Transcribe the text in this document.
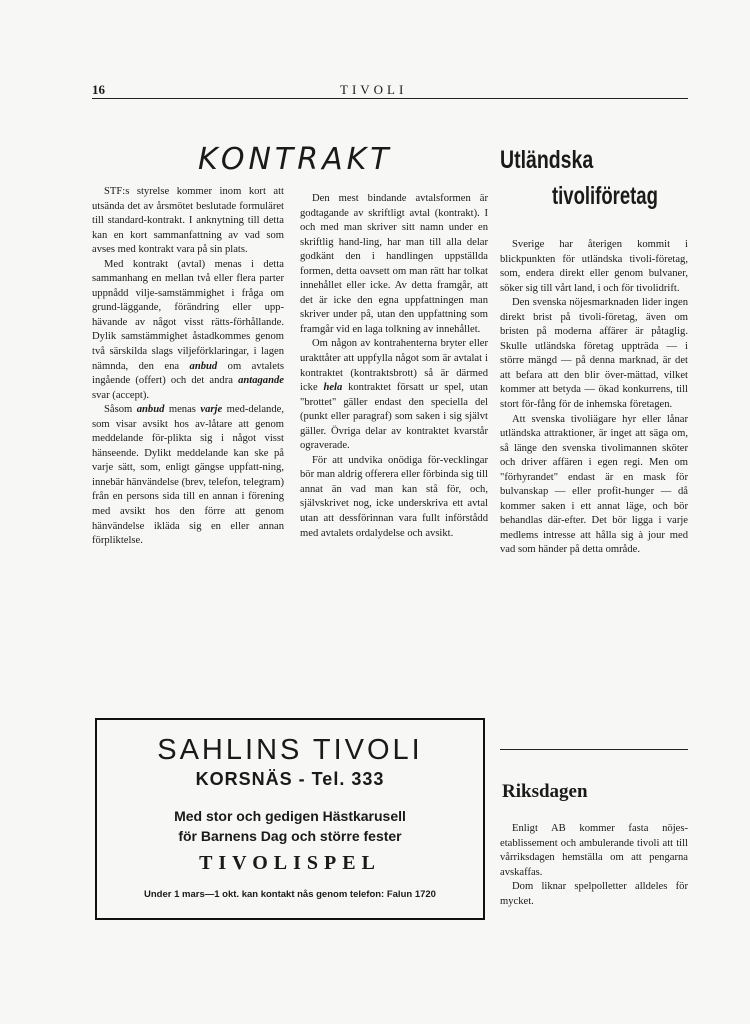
16	TIVOLI
KONTRAKT

STF:s styrelse kommer inom kort att utsända det av årsmötet beslutade formuläret till standard-kontrakt. I anknytning till detta kan en kort sammanfattning av vad som avses med kontrakt vara på sin plats.

Med kontrakt (avtal) menas i detta sammanhang en mellan två eller flera parter uppnådd vilje-samstämmighet i fråga om grund-läggande, förändring eller upp-hävande av något visst rätts-förhållande. Dylik samstämmighet åstadkommes genom två särskilda slags viljeförklaringar, i lagen nämnda, den ena anbud om avtalets ingående (offert) och det andra antagande svar (accept).

Såsom anbud menas varje med-delande, som visar avsikt hos av-låtare att genom meddelande för-plikta sig i något visst hänseende. Dylikt meddelande kan ske på varje sätt, som, enligt gängse uppfatt-ning, innebär hänvändelse (brev, telefon, telegram) från en persons sida till en annan i förening med avsikt hos den förre att genom hänvändelse ikläda sig en eller annan förpliktelse.

Den mest bindande avtalsformen är godtagande av skriftligt avtal (kontrakt). I och med man skriver sitt namn under en skriftlig hand-ling, har man till alla delar godkänt den i handlingen uppställda formen, detta oavsett om man rätt har tolkat innehållet eller icke. Av detta framgår, att det är icke den egna uppfattningen man skriver under på, utan den uppfattning som framgår vid en laga tolkning av innehållet.

Om någon av kontrahenterna bryter eller urakttåter att uppfylla något som är avtalat i kontraktet (kontraktsbrott) så är därmed icke hela kontraktet försatt ur spel, utan "brottet" gäller endast den speciella del (punkt eller paragraf) som saken i sig självt gäller. Övriga delar av kontraktet kvarstår ograverade.

För att undvika onödiga för-vecklingar bör man aldrig offerera eller förbinda sig till annat än vad man kan stå för, och, självskrivet nog, icke underskriva ett avtal utan att dessförinnan vara fullt införstådd med avtalets ordalydelse och avsikt.

Utländska
tivoliföretag

Sverige har återigen kommit i blickpunkten för utländska tivoli-företag, som, endera direkt eller genom bulvaner, söker sig till vårt land, i och för tivolidrift.

Den svenska nöjesmarknaden lider ingen direkt brist på tivoli-företag, även om bristen på moderna affärer är påtaglig. Skulle utländska företag uppträda — i större mängd — på denna marknad, är det att befara att den blir över-mättad, vilket kommer att betyda — ökad konkurrens, till stort för-fång för de inhemska företagen.

Att svenska tivoliägare hyr eller lånar utländska attraktioner, är inget att säga om, så länge den svenska tivolimannen sköter och driver affären i egen regi. Men om "förhyrandet" endast är en mask för bulvanskap — eller profit-hunger — då kommer saken i ett annat läge, och bör behandlas där-efter. Det bör ligga i varje medlems intresse att hålla sig à jour med vad som händer på detta område.

SAHLINS TIVOLI
KORSNÄS - Tel. 333
Med stor och gedigen Hästkarusell
för Barnens Dag och större fester
TIVOLISPEL
Under 1 mars—1 okt. kan kontakt nås genom telefon: Falun 1720
Riksdagen

Enligt AB kommer fasta nöjes-etablissement och ambulerande tivoli att till vårriksdagen hemställa om att pengarna avskaffas.

Dom liknar spelpolletter alldeles för mycket.
